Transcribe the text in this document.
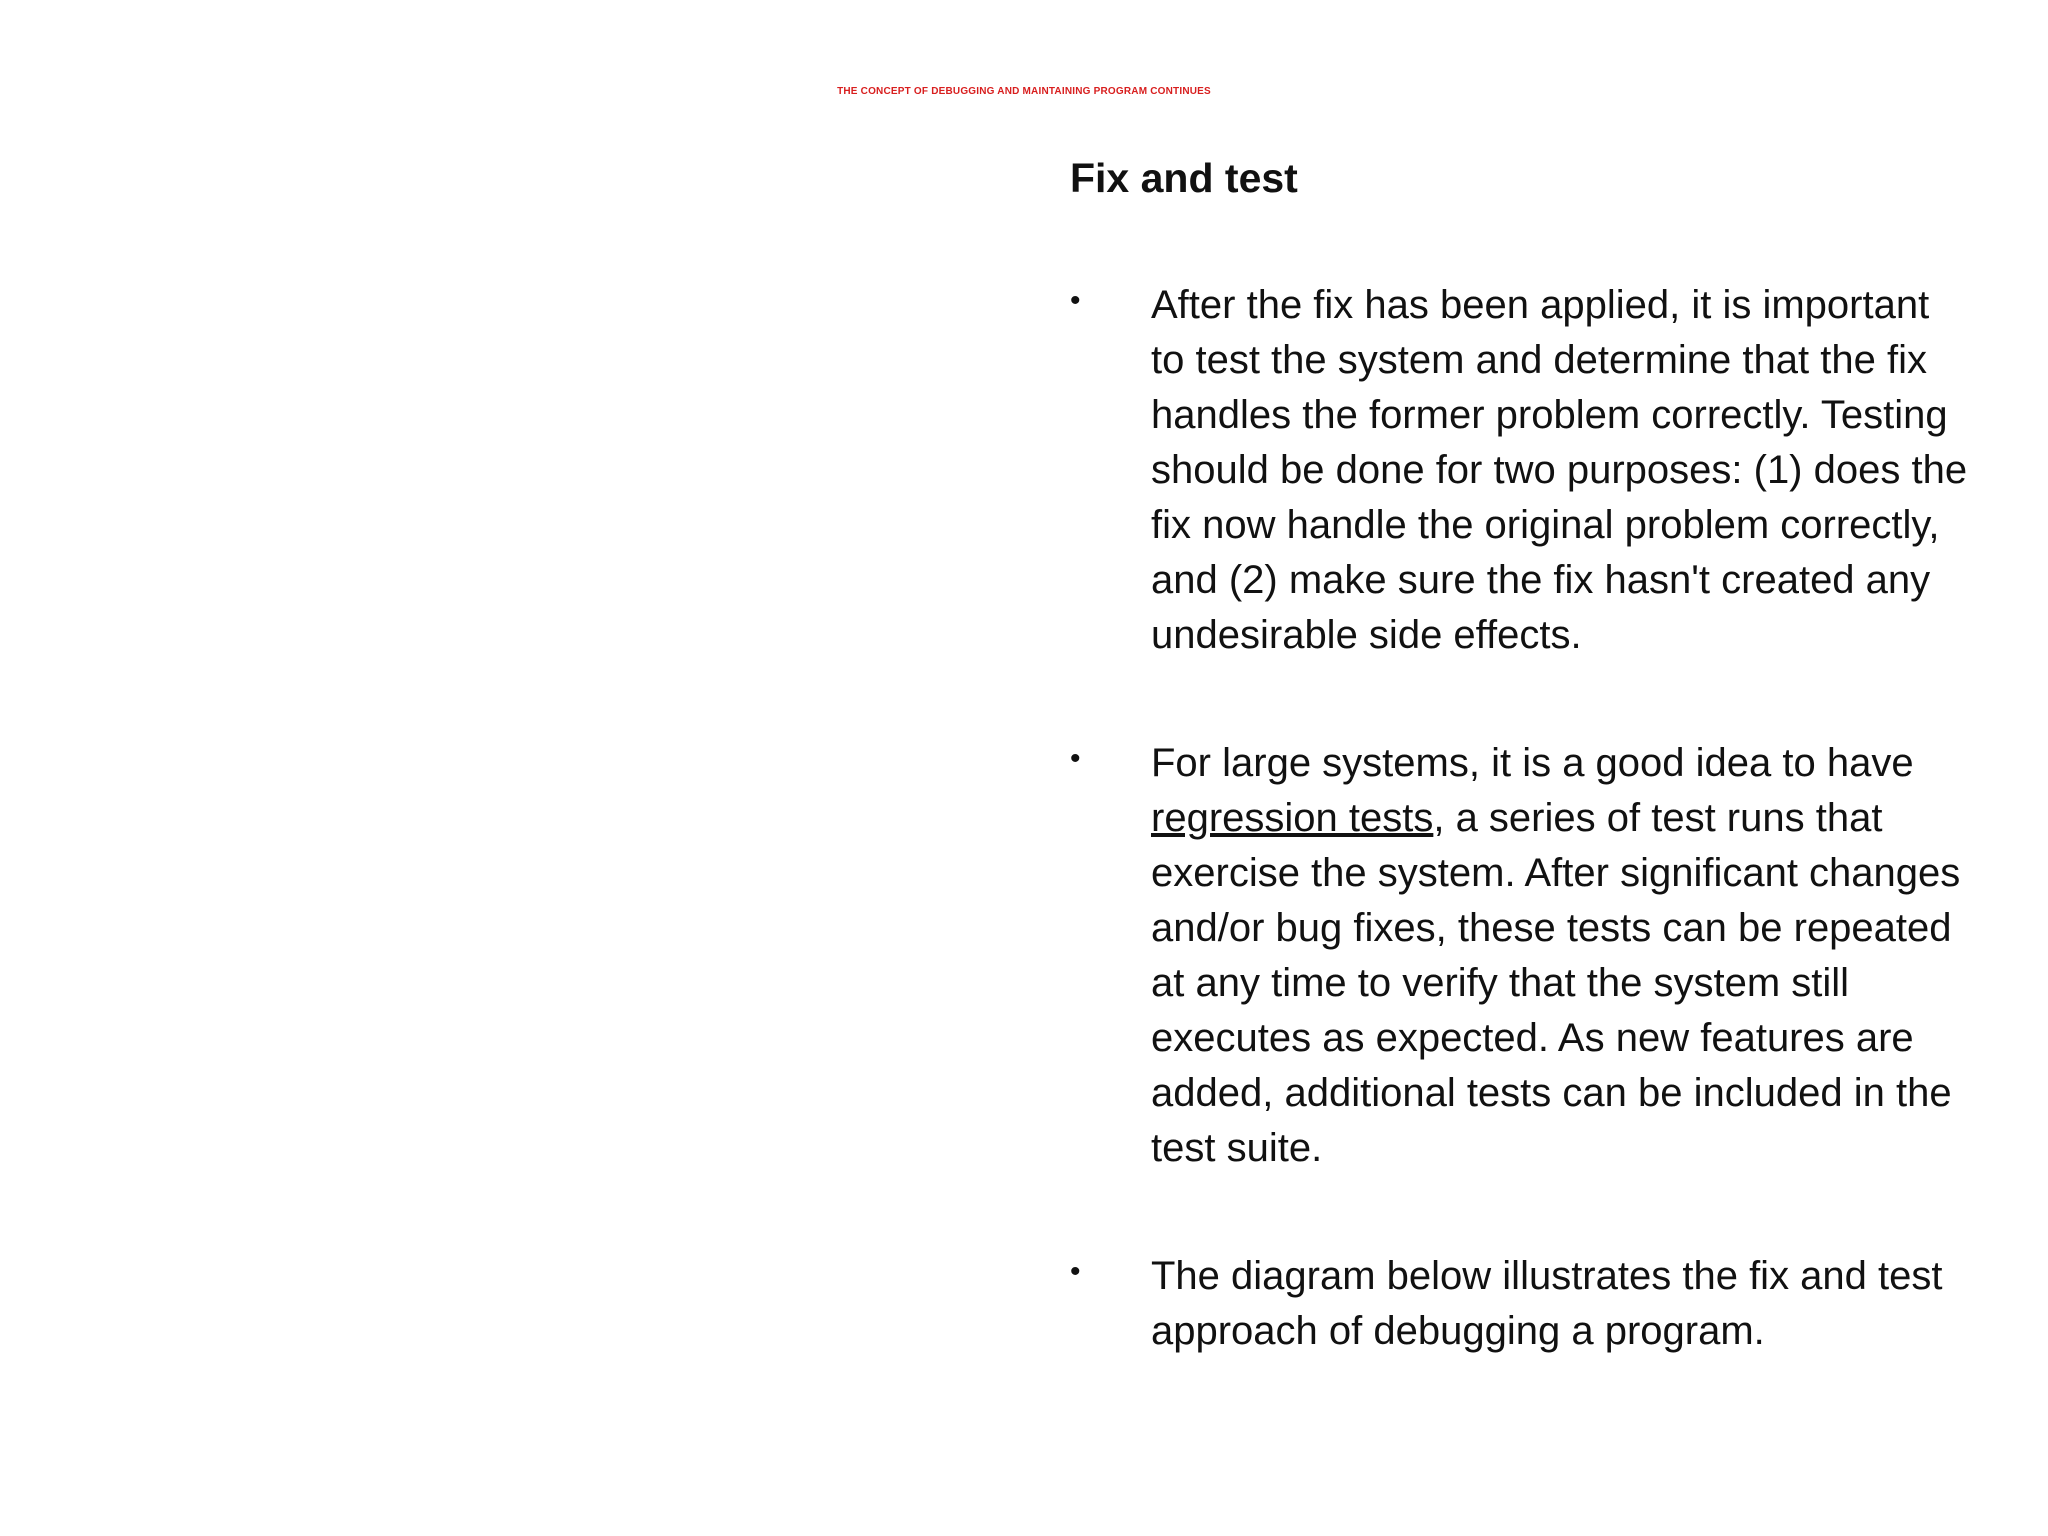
THE CONCEPT OF DEBUGGING AND MAINTAINING PROGRAM CONTINUES
Fix and test
• After the fix has been applied, it is important to test the system and determine that the fix handles the former problem correctly. Testing should be done for two purposes: (1) does the fix now handle the original problem correctly, and (2) make sure the fix hasn't created any undesirable side effects.
• For large systems, it is a good idea to have regression tests, a series of test runs that exercise the system. After significant changes and/or bug fixes, these tests can be repeated at any time to verify that the system still executes as expected. As new features are added, additional tests can be included in the test suite.
• The diagram below illustrates the fix and test approach of debugging a program.
